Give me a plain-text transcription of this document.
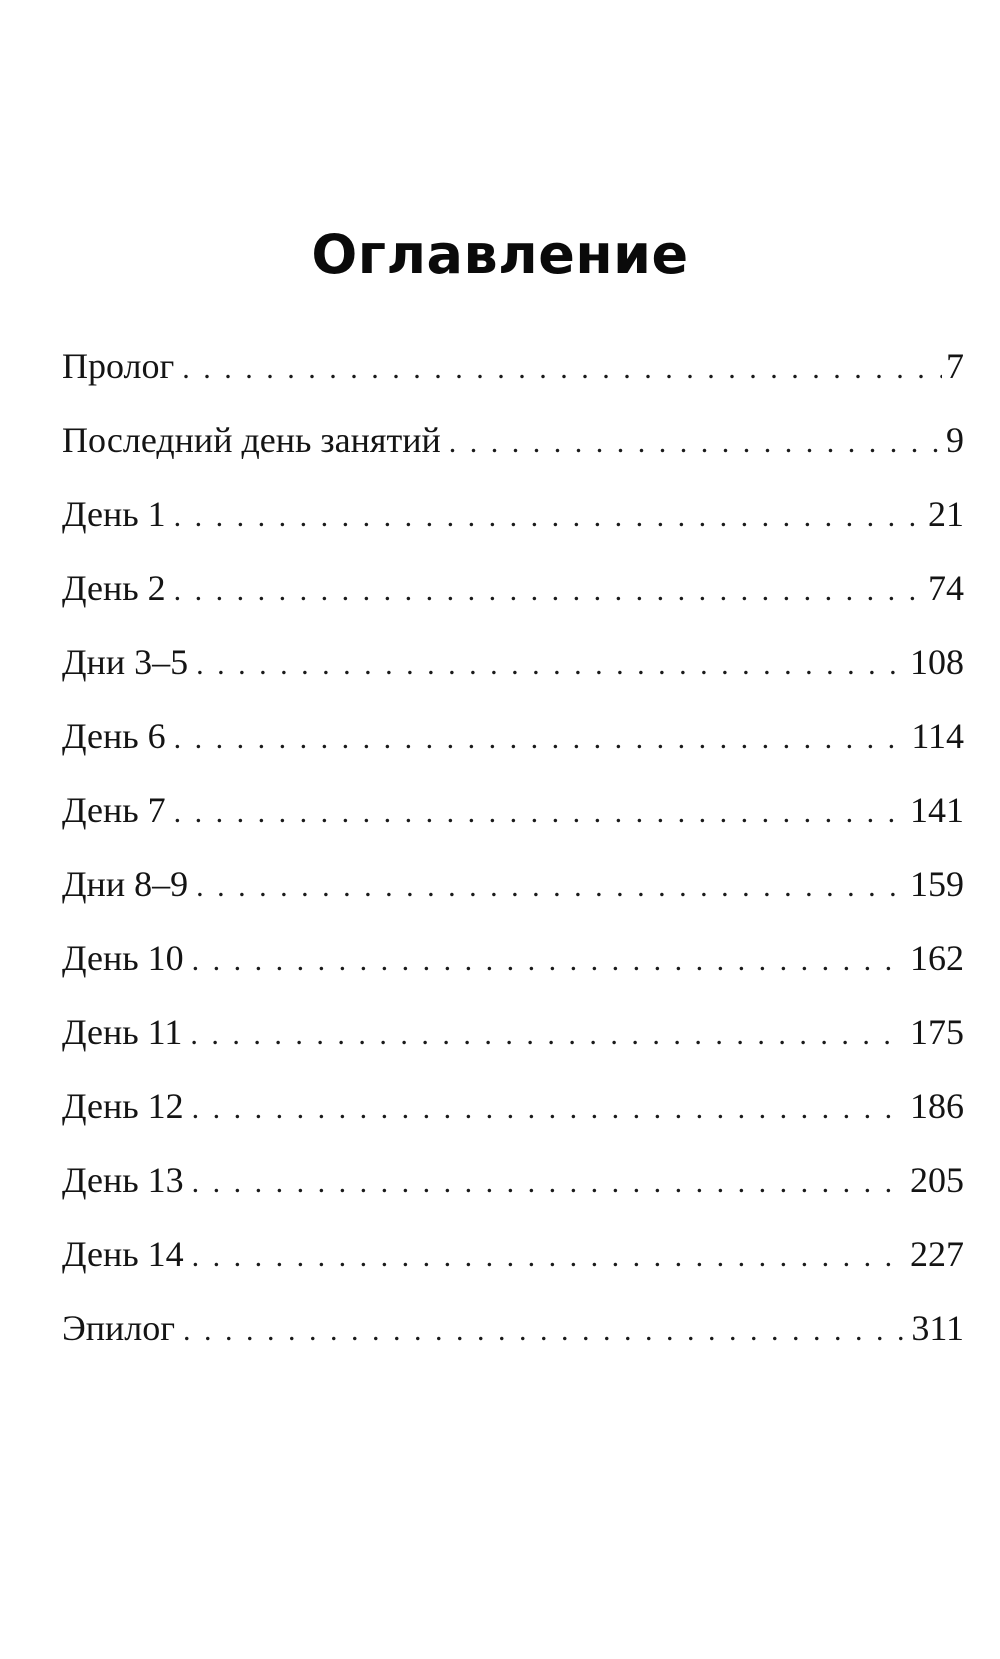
Оглавление
Пролог . . .	7
Последний день занятий . . .	9
День 1 . . .	21
День 2 . . .	74
Дни 3–5 . . .	108
День 6 . . .	114
День 7 . . .	141
Дни 8–9 . . .	159
День 10 . . .	162
День 11 . . .	175
День 12 . . .	186
День 13 . . .	205
День 14 . . .	227
Эпилог . . .	311
